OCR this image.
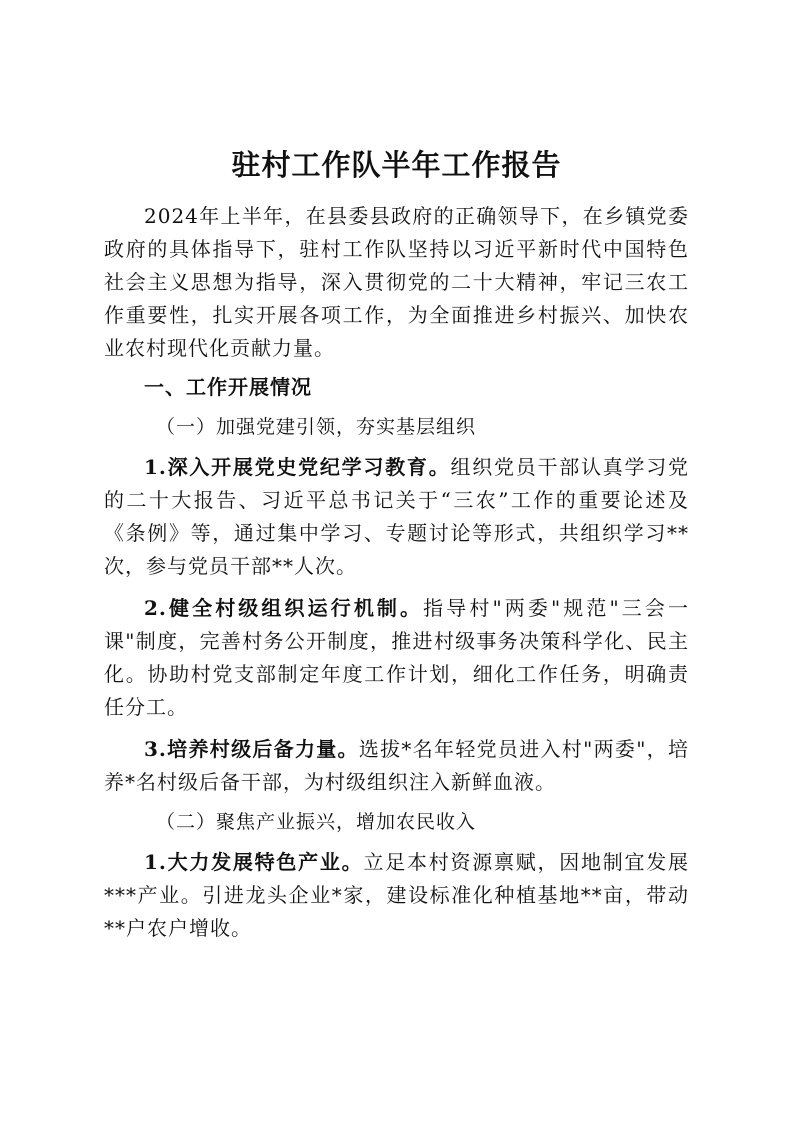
驻村工作队半年工作报告

2024年上半年，在县委县政府的正确领导下，在乡镇党委政府的具体指导下，驻村工作队坚持以习近平新时代中国特色社会主义思想为指导，深入贯彻党的二十大精神，牢记三农工作重要性，扎实开展各项工作，为全面推进乡村振兴、加快农业农村现代化贡献力量。

一、工作开展情况
（一）加强党建引领，夯实基层组织

1.深入开展党史党纪学习教育。组织党员干部认真学习党的二十大报告、习近平总书记关于“三农”工作的重要论述及《条例》等，通过集中学习、专题讨论等形式，共组织学习**次，参与党员干部**人次。

2.健全村级组织运行机制。指导村"两委"规范"三会一课"制度，完善村务公开制度，推进村级事务决策科学化、民主化。协助村党支部制定年度工作计划，细化工作任务，明确责任分工。

3.培养村级后备力量。选拔*名年轻党员进入村"两委"，培养*名村级后备干部，为村级组织注入新鲜血液。

（二）聚焦产业振兴，增加农民收入

1.大力发展特色产业。立足本村资源禀赋，因地制宜发展***产业。引进龙头企业*家，建设标准化种植基地**亩，带动**户农户增收。
